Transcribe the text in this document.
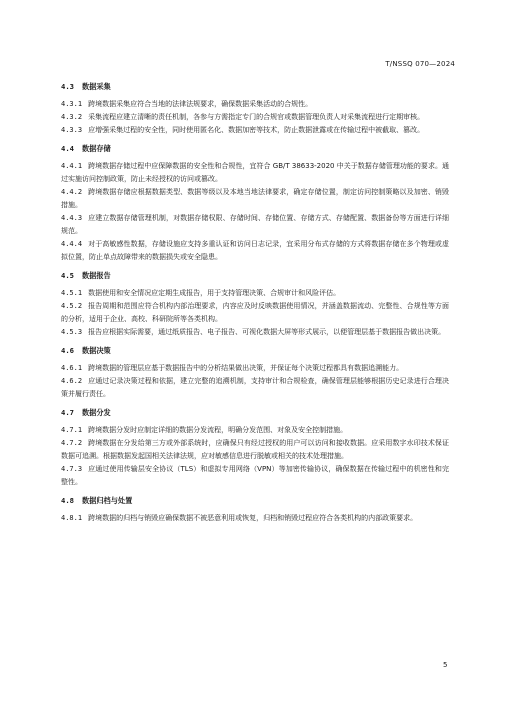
T/NSSQ 070—2024
4.3 数据采集
4.3.1 跨境数据采集应符合当地的法律法规要求，确保数据采集活动的合规性。
4.3.2 采集流程应建立清晰的责任机制，各参与方需指定专门的合规官或数据管理负责人对采集流程进行定期审核。
4.3.3 应增强采集过程的安全性，同时使用匿名化、数据加密等技术，防止数据泄露或在传输过程中被截取、篡改。
4.4 数据存储
4.4.1 跨境数据存储过程中应保障数据的安全性和合规性，宜符合 GB/T 38633-2020 中关于数据存储管理功能的要求。通过实施访问控制政策，防止未经授权的访问或篡改。
4.4.2 跨境数据存储应根据数据类型、数据等级以及本地当地法律要求，确定存储位置，制定访问控制策略以及加密、销毁措施。
4.4.3 应建立数据存储管理机制，对数据存储权限、存储时间、存储位置、存储方式、存储配置、数据备份等方面进行详细规范。
4.4.4 对于高敏感性数据，存储设施应支持多重认证和访问日志记录，宜采用分布式存储的方式将数据存储在多个物理或虚拟位置，防止单点故障带来的数据损失或安全隐患。
4.5 数据报告
4.5.1 数据使用和安全情况应定期生成报告，用于支持管理决策、合规审计和风险评估。
4.5.2 报告周期和范围应符合机构内部治理要求，内容应及时反映数据使用情况，并涵盖数据流动、完整性、合规性等方面的分析，适用于企业、高校、科研院所等各类机构。
4.5.3 报告应根据实际需要，通过纸质报告、电子报告、可视化数据大屏等形式展示，以便管理层基于数据报告做出决策。
4.6 数据决策
4.6.1 跨境数据的管理层应基于数据报告中的分析结果做出决策，并保证每个决策过程都具有数据追溯能力。
4.6.2 应通过记录决策过程和依据，建立完整的追溯机制，支持审计和合规检查，确保管理层能够根据历史记录进行合理决策并履行责任。
4.7 数据分发
4.7.1 跨境数据分发时应制定详细的数据分发流程，明确分发范围、对象及安全控制措施。
4.7.2 跨境数据在分发给第三方或外部系统时，应确保只有经过授权的用户可以访问和接收数据。应采用数字水印技术保证数据可追溯。根据数据发起国相关法律法规，应对敏感信息进行脱敏或相关的技术处理措施。
4.7.3 应通过使用传输层安全协议（TLS）和虚拟专用网络（VPN）等加密传输协议，确保数据在传输过程中的机密性和完整性。
4.8 数据归档与处置
4.8.1 跨境数据的归档与销毁应确保数据不被恶意利用或恢复，归档和销毁过程应符合各类机构的内部政策要求。
5
